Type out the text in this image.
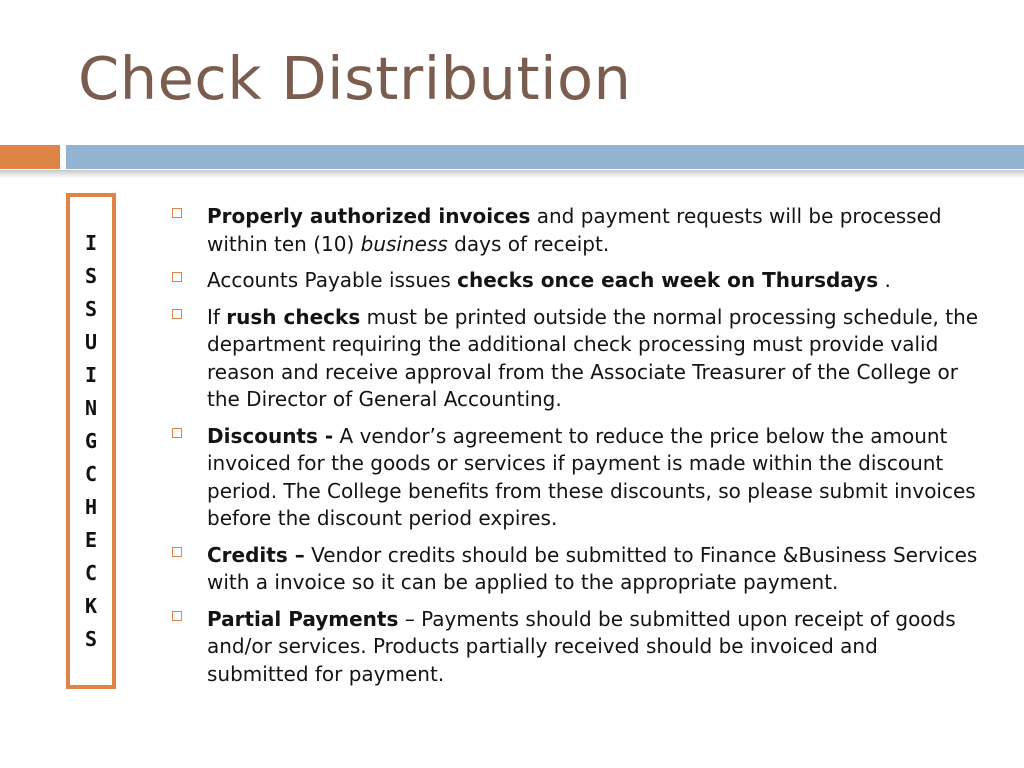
Check Distribution
ISSUING CHECKS
Properly authorized invoices and payment requests will be processed within ten (10) business days of receipt.
Accounts Payable issues checks once each week on Thursdays .
If rush checks must be printed outside the normal processing schedule, the department requiring the additional check processing must provide valid reason and receive approval from the Associate Treasurer of the College or the Director of General Accounting.
Discounts - A vendor’s agreement to reduce the price below the amount invoiced for the goods or services if payment is made within the discount period. The College benefits from these discounts, so please submit invoices before the discount period expires.
Credits – Vendor credits should be submitted to Finance &Business Services with a invoice so it can be applied to the appropriate payment.
Partial Payments – Payments should be submitted upon receipt of goods and/or services. Products partially received should be invoiced and submitted for payment.
